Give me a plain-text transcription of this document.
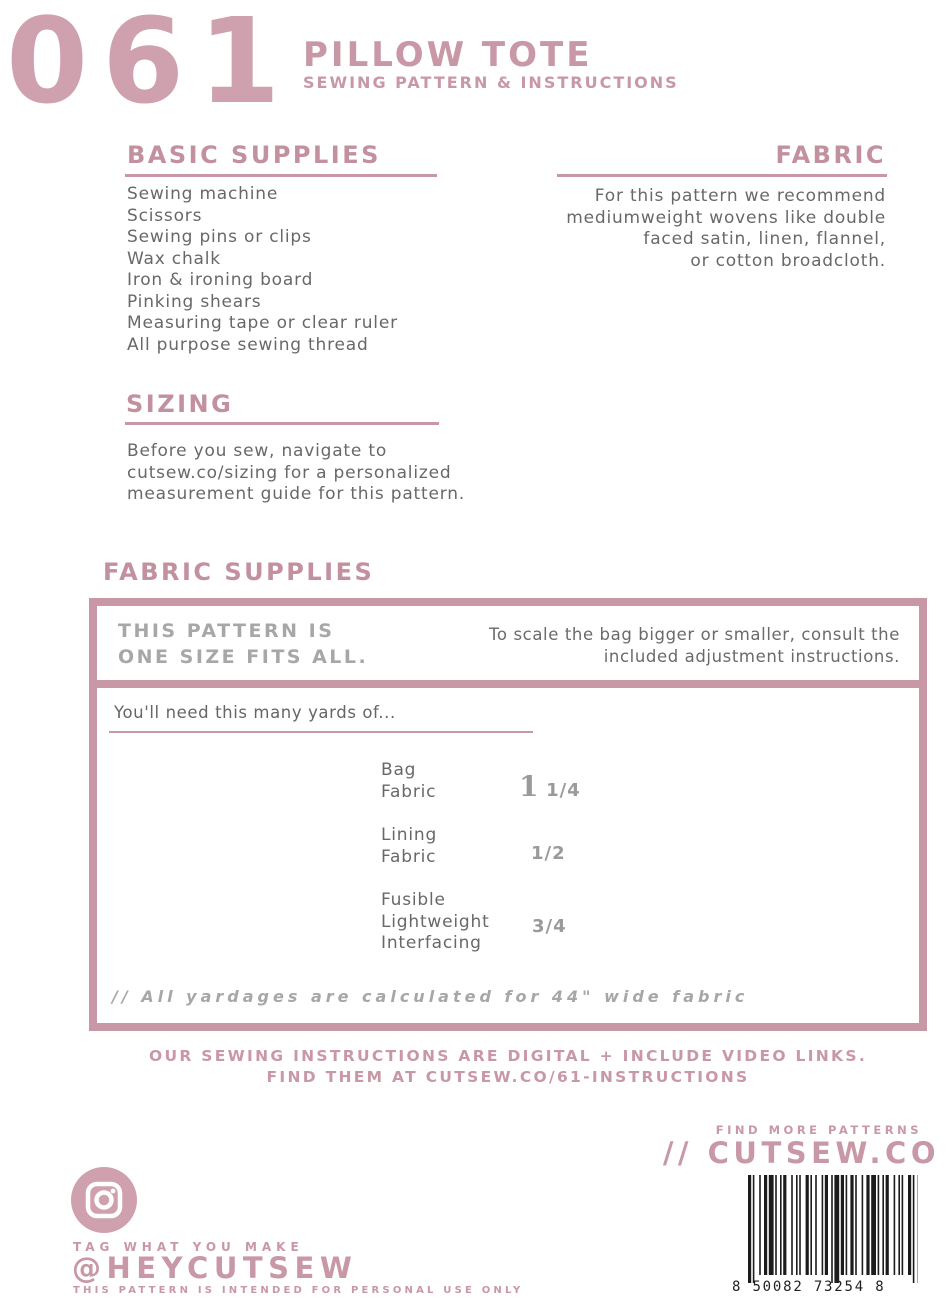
061 PILLOW TOTE
SEWING PATTERN & INSTRUCTIONS
BASIC SUPPLIES
Sewing machine
Scissors
Sewing pins or clips
Wax chalk
Iron & ironing board
Pinking shears
Measuring tape or clear ruler
All purpose sewing thread
FABRIC
For this pattern we recommend
mediumweight wovens like double
faced satin, linen, flannel,
or cotton broadcloth.
SIZING
Before you sew, navigate to
cutsew.co/sizing for a personalized
measurement guide for this pattern.
FABRIC SUPPLIES
THIS PATTERN IS
ONE SIZE FITS ALL.
To scale the bag bigger or smaller, consult the
included adjustment instructions.
You'll need this many yards of...
Bag
Fabric	1 1/4
Lining
Fabric	1/2
Fusible
Lightweight
Interfacing
3/4
// All yardages are calculated for 44" wide fabric
OUR SEWING INSTRUCTIONS ARE DIGITAL + INCLUDE VIDEO LINKS.
FIND THEM AT CUTSEW.CO/61-INSTRUCTIONS
FIND MORE PATTERNS
// CUTSEW.CO
8 50082 73254 8
TAG WHAT YOU MAKE
@HEYCUTSEW
THIS PATTERN IS INTENDED FOR PERSONAL USE ONLY
